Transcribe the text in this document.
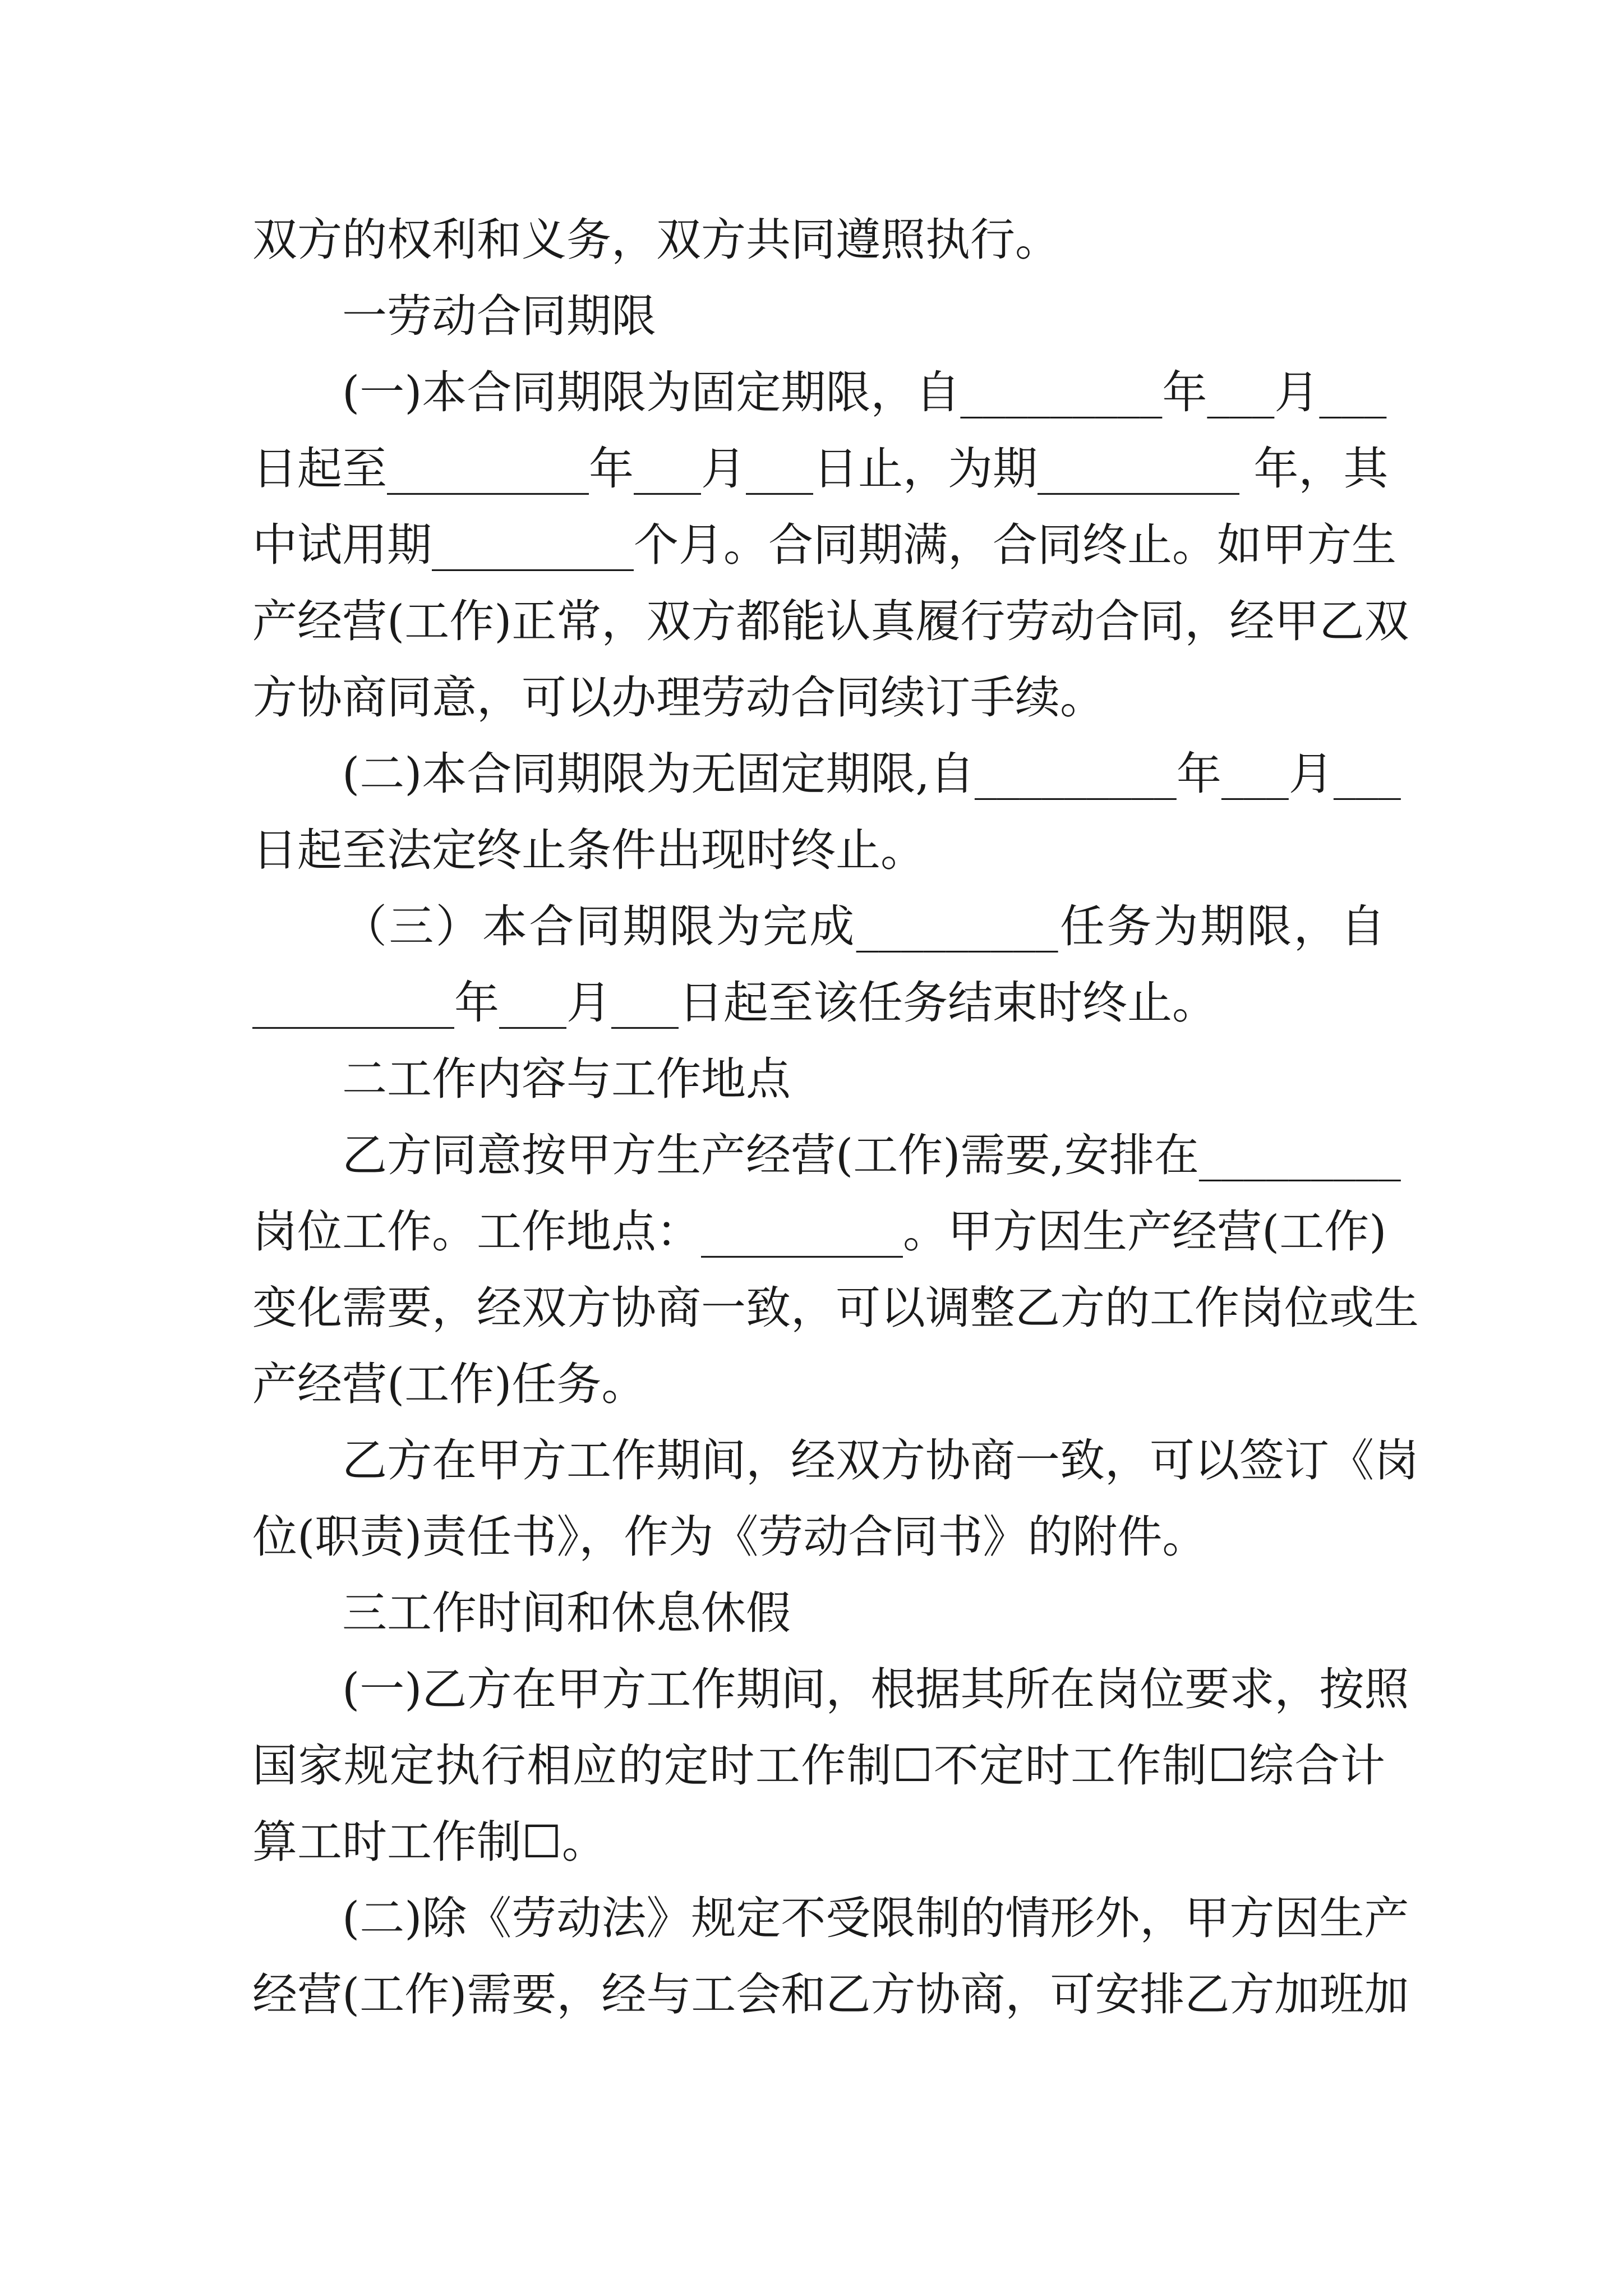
双方的权利和义务，双方共同遵照执行。
一劳动合同期限
(一)本合同期限为固定期限，自_________年___月___
日起至_________年___月___日止，为期_________ 年，其
中试用期_________个月。合同期满，合同终止。如甲方生
产经营(工作)正常，双方都能认真履行劳动合同，经甲乙双
方协商同意，可以办理劳动合同续订手续。
(二)本合同期限为无固定期限,自_________年___月___
日起至法定终止条件出现时终止。
（三）本合同期限为完成_________任务为期限，自
_________年___月___日起至该任务结束时终止。
二工作内容与工作地点
乙方同意按甲方生产经营(工作)需要,安排在_________
岗位工作。工作地点：_________。甲方因生产经营(工作)
变化需要，经双方协商一致，可以调整乙方的工作岗位或生
产经营(工作)任务。
乙方在甲方工作期间，经双方协商一致，可以签订《岗
位(职责)责任书》，作为《劳动合同书》的附件。
三工作时间和休息休假
(一)乙方在甲方工作期间，根据其所在岗位要求，按照
国家规定执行相应的定时工作制☐不定时工作制☐综合计
算工时工作制☐。
(二)除《劳动法》规定不受限制的情形外，甲方因生产
经营(工作)需要，经与工会和乙方协商，可安排乙方加班加
